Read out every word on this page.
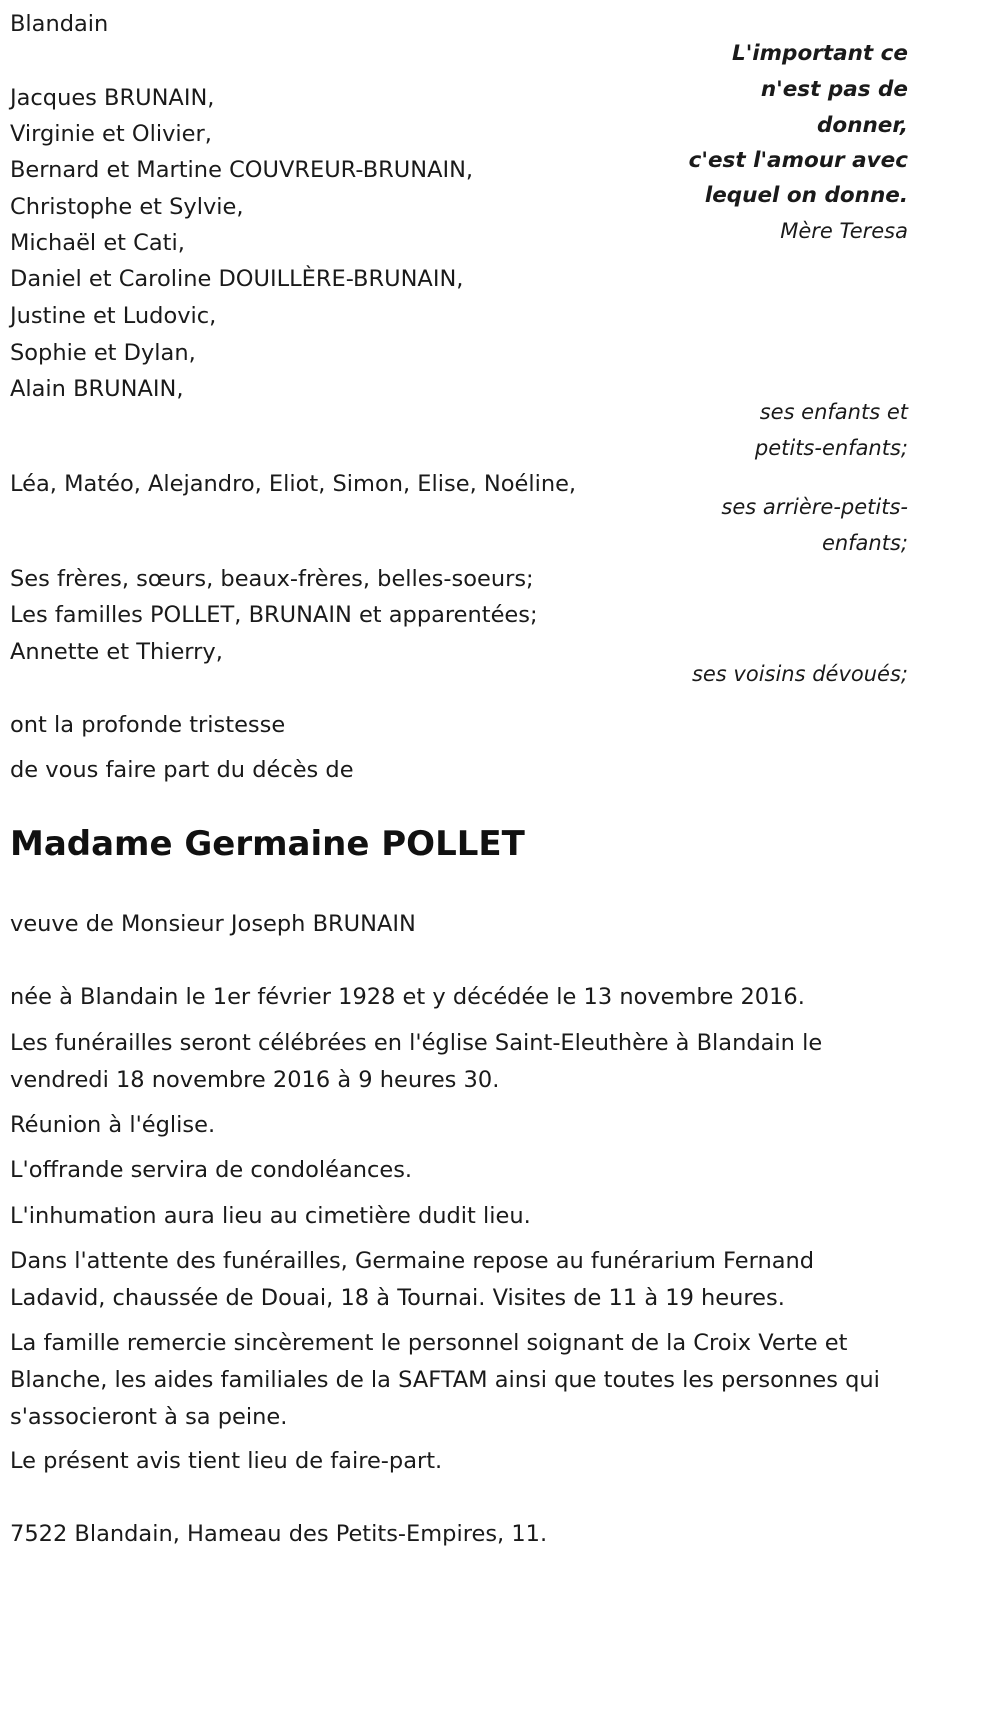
Blandain
L'important ce
n'est pas de
donner,
c'est l'amour avec
lequel on donne.
Mère Teresa
Jacques BRUNAIN,
Virginie et Olivier,
Bernard et Martine COUVREUR-BRUNAIN,
Christophe et Sylvie,
Michaël et Cati,
Daniel et Caroline DOUILLÈRE-BRUNAIN,
Justine et Ludovic,
Sophie et Dylan,
Alain BRUNAIN,
ses enfants et
petits-enfants;
Léa, Matéo, Alejandro, Eliot, Simon, Elise, Noéline,
ses arrière-petits-
enfants;
Ses frères, sœurs, beaux-frères, belles-soeurs;
Les familles POLLET, BRUNAIN et apparentées;
Annette et Thierry,
ses voisins dévoués;
ont la profonde tristesse
de vous faire part du décès de
Madame Germaine POLLET
veuve de Monsieur Joseph BRUNAIN
née à Blandain le 1er février 1928 et y décédée le 13 novembre 2016.
Les funérailles seront célébrées en l'église Saint-Eleuthère à Blandain le vendredi 18 novembre 2016 à 9 heures 30.
Réunion à l'église.
L'offrande servira de condoléances.
L'inhumation aura lieu au cimetière dudit lieu.
Dans l'attente des funérailles, Germaine repose au funérarium Fernand Ladavid, chaussée de Douai, 18 à Tournai. Visites de 11 à 19 heures.
La famille remercie sincèrement le personnel soignant de la Croix Verte et Blanche, les aides familiales de la SAFTAM ainsi que toutes les personnes qui s'associeront à sa peine.
Le présent avis tient lieu de faire-part.
7522 Blandain, Hameau des Petits-Empires, 11.
